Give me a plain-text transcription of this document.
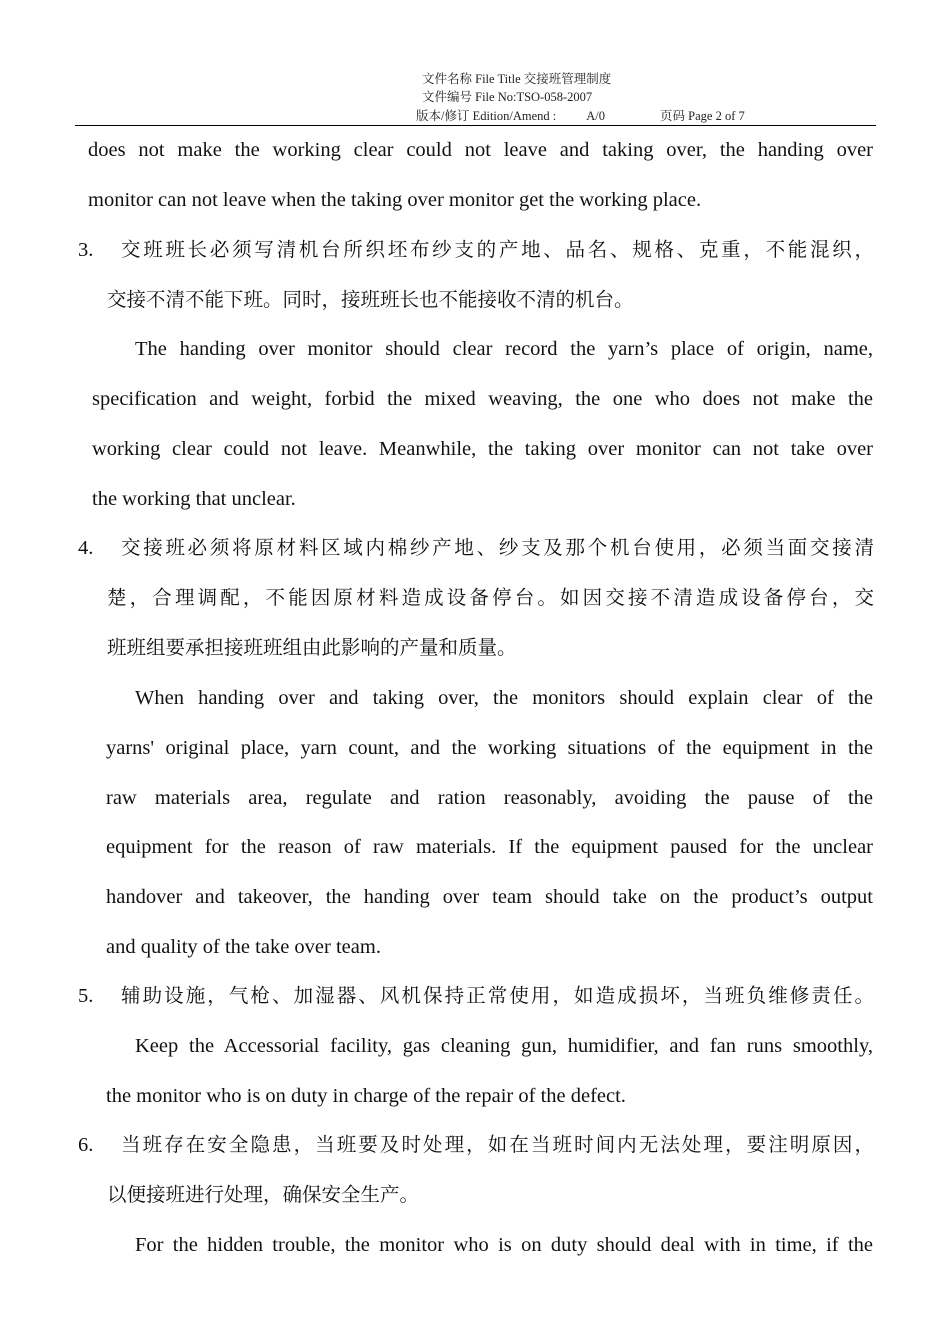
文件名称 File Title 交接班管理制度
文件编号 File No:TSO-058-2007
版本/修订 Edition/Amend : A/0	页码 Page 2 of 7
does not make the working clear could not leave and taking over, the handing over
monitor can not leave when the taking over monitor get the working place.
3. 交班班长必须写清机台所织坯布纱支的产地、品名、规格、克重，不能混织，
交接不清不能下班。同时，接班班长也不能接收不清的机台。
The handing over monitor should clear record the yarn’s place of origin, name,
specification and weight, forbid the mixed weaving, the one who does not make the
working clear could not leave. Meanwhile, the taking over monitor can not take over
the working that unclear.
4. 交接班必须将原材料区域内棉纱产地、纱支及那个机台使用，必须当面交接清
楚，合理调配，不能因原材料造成设备停台。如因交接不清造成设备停台，交
班班组要承担接班班组由此影响的产量和质量。
When handing over and taking over, the monitors should explain clear of the
yarns' original place, yarn count, and the working situations of the equipment in the
raw materials area, regulate and ration reasonably, avoiding the pause of the
equipment for the reason of raw materials. If the equipment paused for the unclear
handover and takeover, the handing over team should take on the product’s output
and quality of the take over team.
5. 辅助设施，气枪、加湿器、风机保持正常使用，如造成损坏，当班负维修责任。
Keep the Accessorial facility, gas cleaning gun, humidifier, and fan runs smoothly,
the monitor who is on duty in charge of the repair of the defect.
6. 当班存在安全隐患，当班要及时处理，如在当班时间内无法处理，要注明原因，
以便接班进行处理，确保安全生产。
For the hidden trouble, the monitor who is on duty should deal with in time, if the
